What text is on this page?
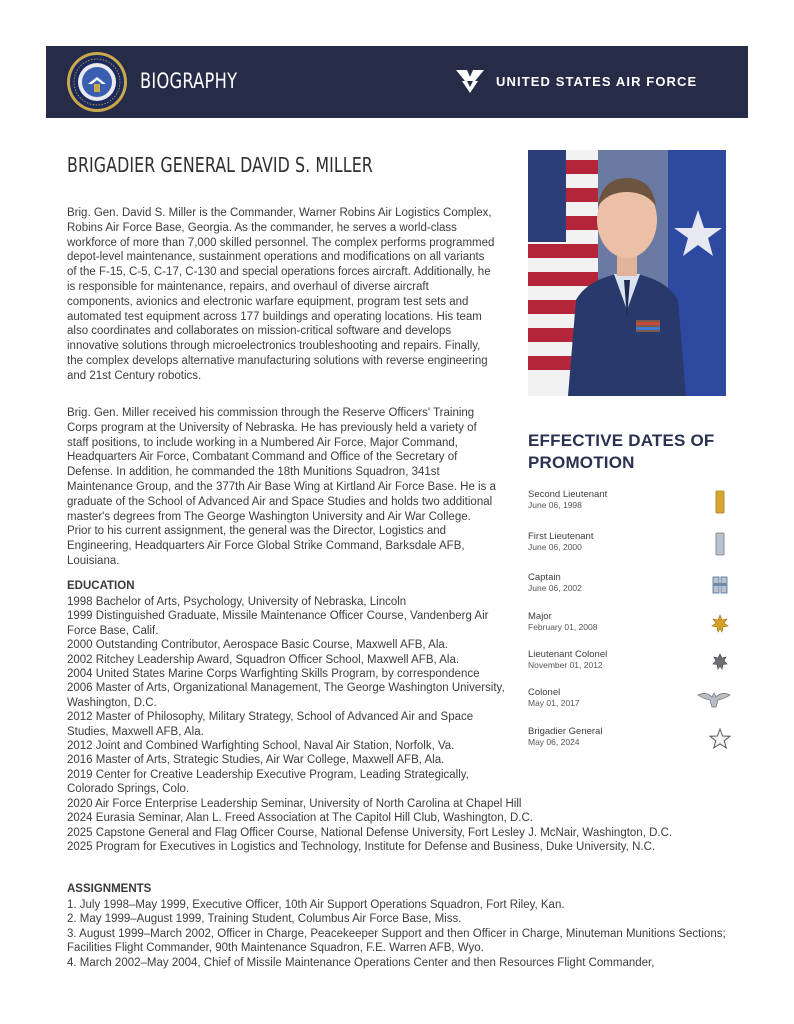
BIOGRAPHY	UNITED STATES AIR FORCE
BRIGADIER GENERAL DAVID S. MILLER

Brig. Gen. David S. Miller is the Commander, Warner Robins Air Logistics Complex, Robins Air Force Base, Georgia. As the commander, he serves a world-class workforce of more than 7,000 skilled personnel. The complex performs programmed depot-level maintenance, sustainment operations and modifications on all variants of the F-15, C-5, C-17, C-130 and special operations forces aircraft. Additionally, he is responsible for maintenance, repairs, and overhaul of diverse aircraft components, avionics and electronic warfare equipment, program test sets and automated test equipment across 177 buildings and operating locations. His team also coordinates and collaborates on mission-critical software and develops innovative solutions through microelectronics troubleshooting and repairs. Finally, the complex develops alternative manufacturing solutions with reverse engineering and 21st Century robotics.

Brig. Gen. Miller received his commission through the Reserve Officers' Training Corps program at the University of Nebraska. He has previously held a variety of staff positions, to include working in a Numbered Air Force, Major Command, Headquarters Air Force, Combatant Command and Office of the Secretary of Defense. In addition, he commanded the 18th Munitions Squadron, 341st Maintenance Group, and the 377th Air Base Wing at Kirtland Air Force Base. He is a graduate of the School of Advanced Air and Space Studies and holds two additional master's degrees from The George Washington University and Air War College. Prior to his current assignment, the general was the Director, Logistics and Engineering, Headquarters Air Force Global Strike Command, Barksdale AFB, Louisiana.

EDUCATION
1998 Bachelor of Arts, Psychology, University of Nebraska, Lincoln
1999 Distinguished Graduate, Missile Maintenance Officer Course, Vandenberg Air Force Base, Calif.
2000 Outstanding Contributor, Aerospace Basic Course, Maxwell AFB, Ala.
2002 Ritchey Leadership Award, Squadron Officer School, Maxwell AFB, Ala.
2004 United States Marine Corps Warfighting Skills Program, by correspondence
2006 Master of Arts, Organizational Management, The George Washington University, Washington, D.C.
2012 Master of Philosophy, Military Strategy, School of Advanced Air and Space Studies, Maxwell AFB, Ala.
2012 Joint and Combined Warfighting School, Naval Air Station, Norfolk, Va.
2016 Master of Arts, Strategic Studies, Air War College, Maxwell AFB, Ala.
2019 Center for Creative Leadership Executive Program, Leading Strategically, Colorado Springs, Colo.
2020 Air Force Enterprise Leadership Seminar, University of North Carolina at Chapel Hill
2024 Eurasia Seminar, Alan L. Freed Association at The Capitol Hill Club, Washington, D.C.
2025 Capstone General and Flag Officer Course, National Defense University, Fort Lesley J. McNair, Washington, D.C.
2025 Program for Executives in Logistics and Technology, Institute for Defense and Business, Duke University, N.C.
ASSIGNMENTS
1. July 1998–May 1999, Executive Officer, 10th Air Support Operations Squadron, Fort Riley, Kan.
2. May 1999–August 1999, Training Student, Columbus Air Force Base, Miss.
3. August 1999–March 2002, Officer in Charge, Peacekeeper Support and then Officer in Charge, Minuteman Munitions Sections; Facilities Flight Commander, 90th Maintenance Squadron, F.E. Warren AFB, Wyo.
4. March 2002–May 2004, Chief of Missile Maintenance Operations Center and then Resources Flight Commander,
EFFECTIVE DATES OF PROMOTION
Second Lieutenant
June 06, 1998
First Lieutenant
June 06, 2000
Captain
June 06, 2002
Major
February 01, 2008
Lieutenant Colonel
November 01, 2012
Colonel
May 01, 2017
Brigadier General
May 06, 2024
